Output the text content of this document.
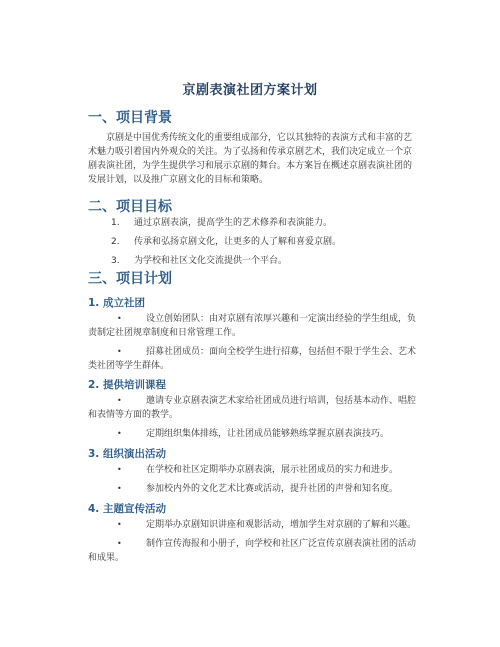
京剧表演社团方案计划
一、项目背景
京剧是中国优秀传统文化的重要组成部分，它以其独特的表演方式和丰富的艺术魅力吸引着国内外观众的关注。为了弘扬和传承京剧艺术，我们决定成立一个京剧表演社团，为学生提供学习和展示京剧的舞台。本方案旨在概述京剧表演社团的发展计划，以及推广京剧文化的目标和策略。
二、项目目标
1.	通过京剧表演，提高学生的艺术修养和表演能力。
2.	传承和弘扬京剧文化，让更多的人了解和喜爱京剧。
3.	为学校和社区文化交流提供一个平台。
三、项目计划
1. 成立社团
•	设立创始团队：由对京剧有浓厚兴趣和一定演出经验的学生组成，负责制定社团规章制度和日常管理工作。
•	招募社团成员：面向全校学生进行招募，包括但不限于学生会、艺术类社团等学生群体。
2. 提供培训课程
•	邀请专业京剧表演艺术家给社团成员进行培训，包括基本动作、唱腔和表情等方面的教学。
•	定期组织集体排练，让社团成员能够熟练掌握京剧表演技巧。
3. 组织演出活动
•	在学校和社区定期举办京剧表演，展示社团成员的实力和进步。
•	参加校内外的文化艺术比赛或活动，提升社团的声誉和知名度。
4. 主题宣传活动
•	定期举办京剧知识讲座和观影活动，增加学生对京剧的了解和兴趣。
•	制作宣传海报和小册子，向学校和社区广泛宣传京剧表演社团的活动和成果。
